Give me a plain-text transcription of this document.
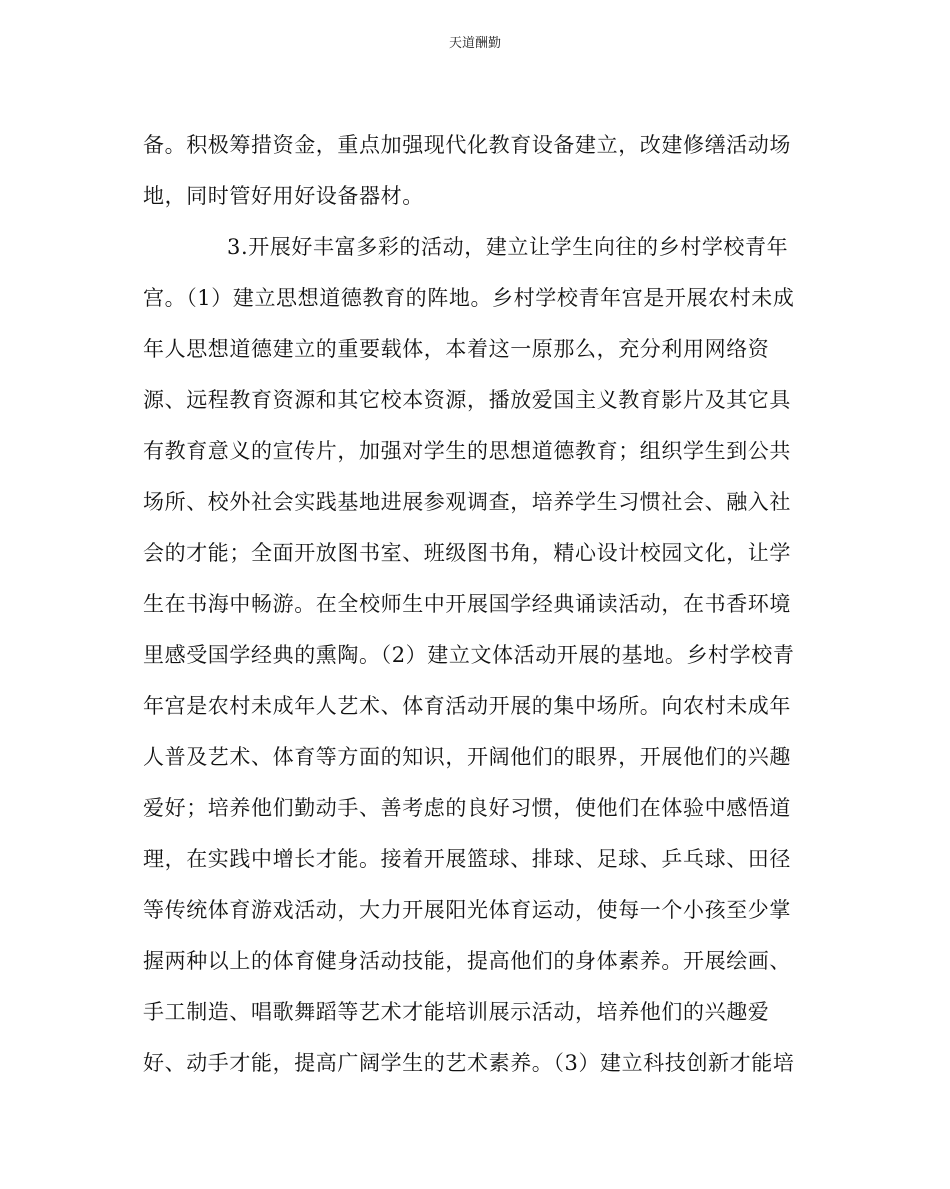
天道酬勤
备。积极筹措资金，重点加强现代化教育设备建立，改建修缮活动场
地，同时管好用好设备器材。
3.开展好丰富多彩的活动，建立让学生向往的乡村学校青年
宫。（1）建立思想道德教育的阵地。乡村学校青年宫是开展农村未成
年人思想道德建立的重要载体，本着这一原那么，充分利用网络资
源、远程教育资源和其它校本资源，播放爱国主义教育影片及其它具
有教育意义的宣传片，加强对学生的思想道德教育；组织学生到公共
场所、校外社会实践基地进展参观调查，培养学生习惯社会、融入社
会的才能；全面开放图书室、班级图书角，精心设计校园文化，让学
生在书海中畅游。在全校师生中开展国学经典诵读活动，在书香环境
里感受国学经典的熏陶。（2）建立文体活动开展的基地。乡村学校青
年宫是农村未成年人艺术、体育活动开展的集中场所。向农村未成年
人普及艺术、体育等方面的知识，开阔他们的眼界，开展他们的兴趣
爱好；培养他们勤动手、善考虑的良好习惯，使他们在体验中感悟道
理，在实践中增长才能。接着开展篮球、排球、足球、乒乓球、田径
等传统体育游戏活动，大力开展阳光体育运动，使每一个小孩至少掌
握两种以上的体育健身活动技能，提高他们的身体素养。开展绘画、
手工制造、唱歌舞蹈等艺术才能培训展示活动，培养他们的兴趣爱
好、动手才能，提高广阔学生的艺术素养。（3）建立科技创新才能培
